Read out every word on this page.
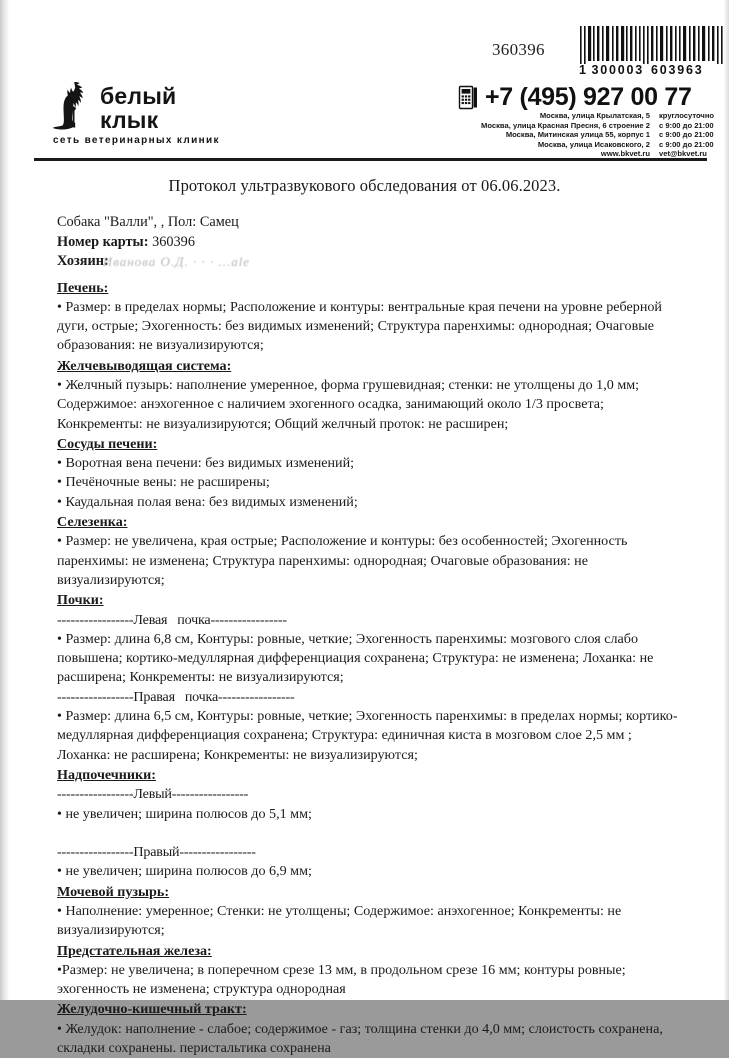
360396
1 300003 603963
+7 (495) 927 00 77
Москва, улица Крылатская, 5	круглосуточно
Москва, улица Красная Пресня, 6 строение 2	с 9:00 до 21:00
Москва, Митинская улица 55, корпус 1	с 9:00 до 21:00
Москва, улица Исаковского, 2	с 9:00 до 21:00
www.bkvet.ru	vet@bkvet.ru
белый клык
сеть ветеринарных клиник
Протокол ультразвукового обследования от 06.06.2023.
Собака "Валли", , Пол: Самец
Номер карты: 360396
Хозяин:
Ивановa О.Д. · · · ...ale
Печень:

• Размер: в пределах нормы; Расположение и контуры: вентральные края печени на уровне реберной дуги, острые; Эхогенность: без видимых изменений; Структура паренхимы: однородная; Очаговые образования: не визуализируются;

Желчевыводящая система:

• Желчный пузырь: наполнение умеренное, форма грушевидная; стенки: не утолщены до 1,0 мм; Содержимое: анэхогенное с наличием эхогенного осадка, занимающий около 1/3 просвета; Конкременты: не визуализируются; Общий желчный проток: не расширен;

Сосуды печени:

• Воротная вена печени: без видимых изменений;

• Печёночные вены: не расширены;

• Каудальная полая вена: без видимых изменений;

Селезенка:

• Размер: не увеличена, края острые; Расположение и контуры: без особенностей; Эхогенность паренхимы: не изменена; Структура паренхимы: однородная; Очаговые образования: не визуализируются;

Почки:

-----------------Левая   почка-----------------

• Размер: длина 6,8 см, Контуры: ровные, четкие; Эхогенность паренхимы: мозгового слоя слабо повышена; кортико-медуллярная дифференциация сохранена; Структура: не изменена; Лоханка: не расширена; Конкременты: не визуализируются;

-----------------Правая   почка-----------------

• Размер: длина 6,5 см, Контуры: ровные, четкие; Эхогенность паренхимы: в пределах нормы; кортико-медуллярная дифференциация сохранена; Структура: единичная киста в мозговом слое 2,5 мм ; Лоханка: не расширена; Конкременты: не визуализируются;

Надпочечники:

-----------------Левый-----------------

• не увеличен; ширина полюсов до 5,1 мм;

-----------------Правый-----------------

• не увеличен; ширина полюсов до 6,9 мм;

Мочевой пузырь:

• Наполнение: умеренное; Стенки: не утолщены; Содержимое: анэхогенное; Конкременты: не визуализируются;

Предстательная железа:

•Размер: не увеличена; в поперечном срезе 13 мм, в продольном срезе 16 мм; контуры ровные; эхогенность не изменена; структура однородная

Желудочно-кишечный тракт:

• Желудок: наполнение - слабое; содержимое - газ; толщина стенки до 4,0 мм; слоистость сохранена, складки сохранены. перистальтика сохранена
